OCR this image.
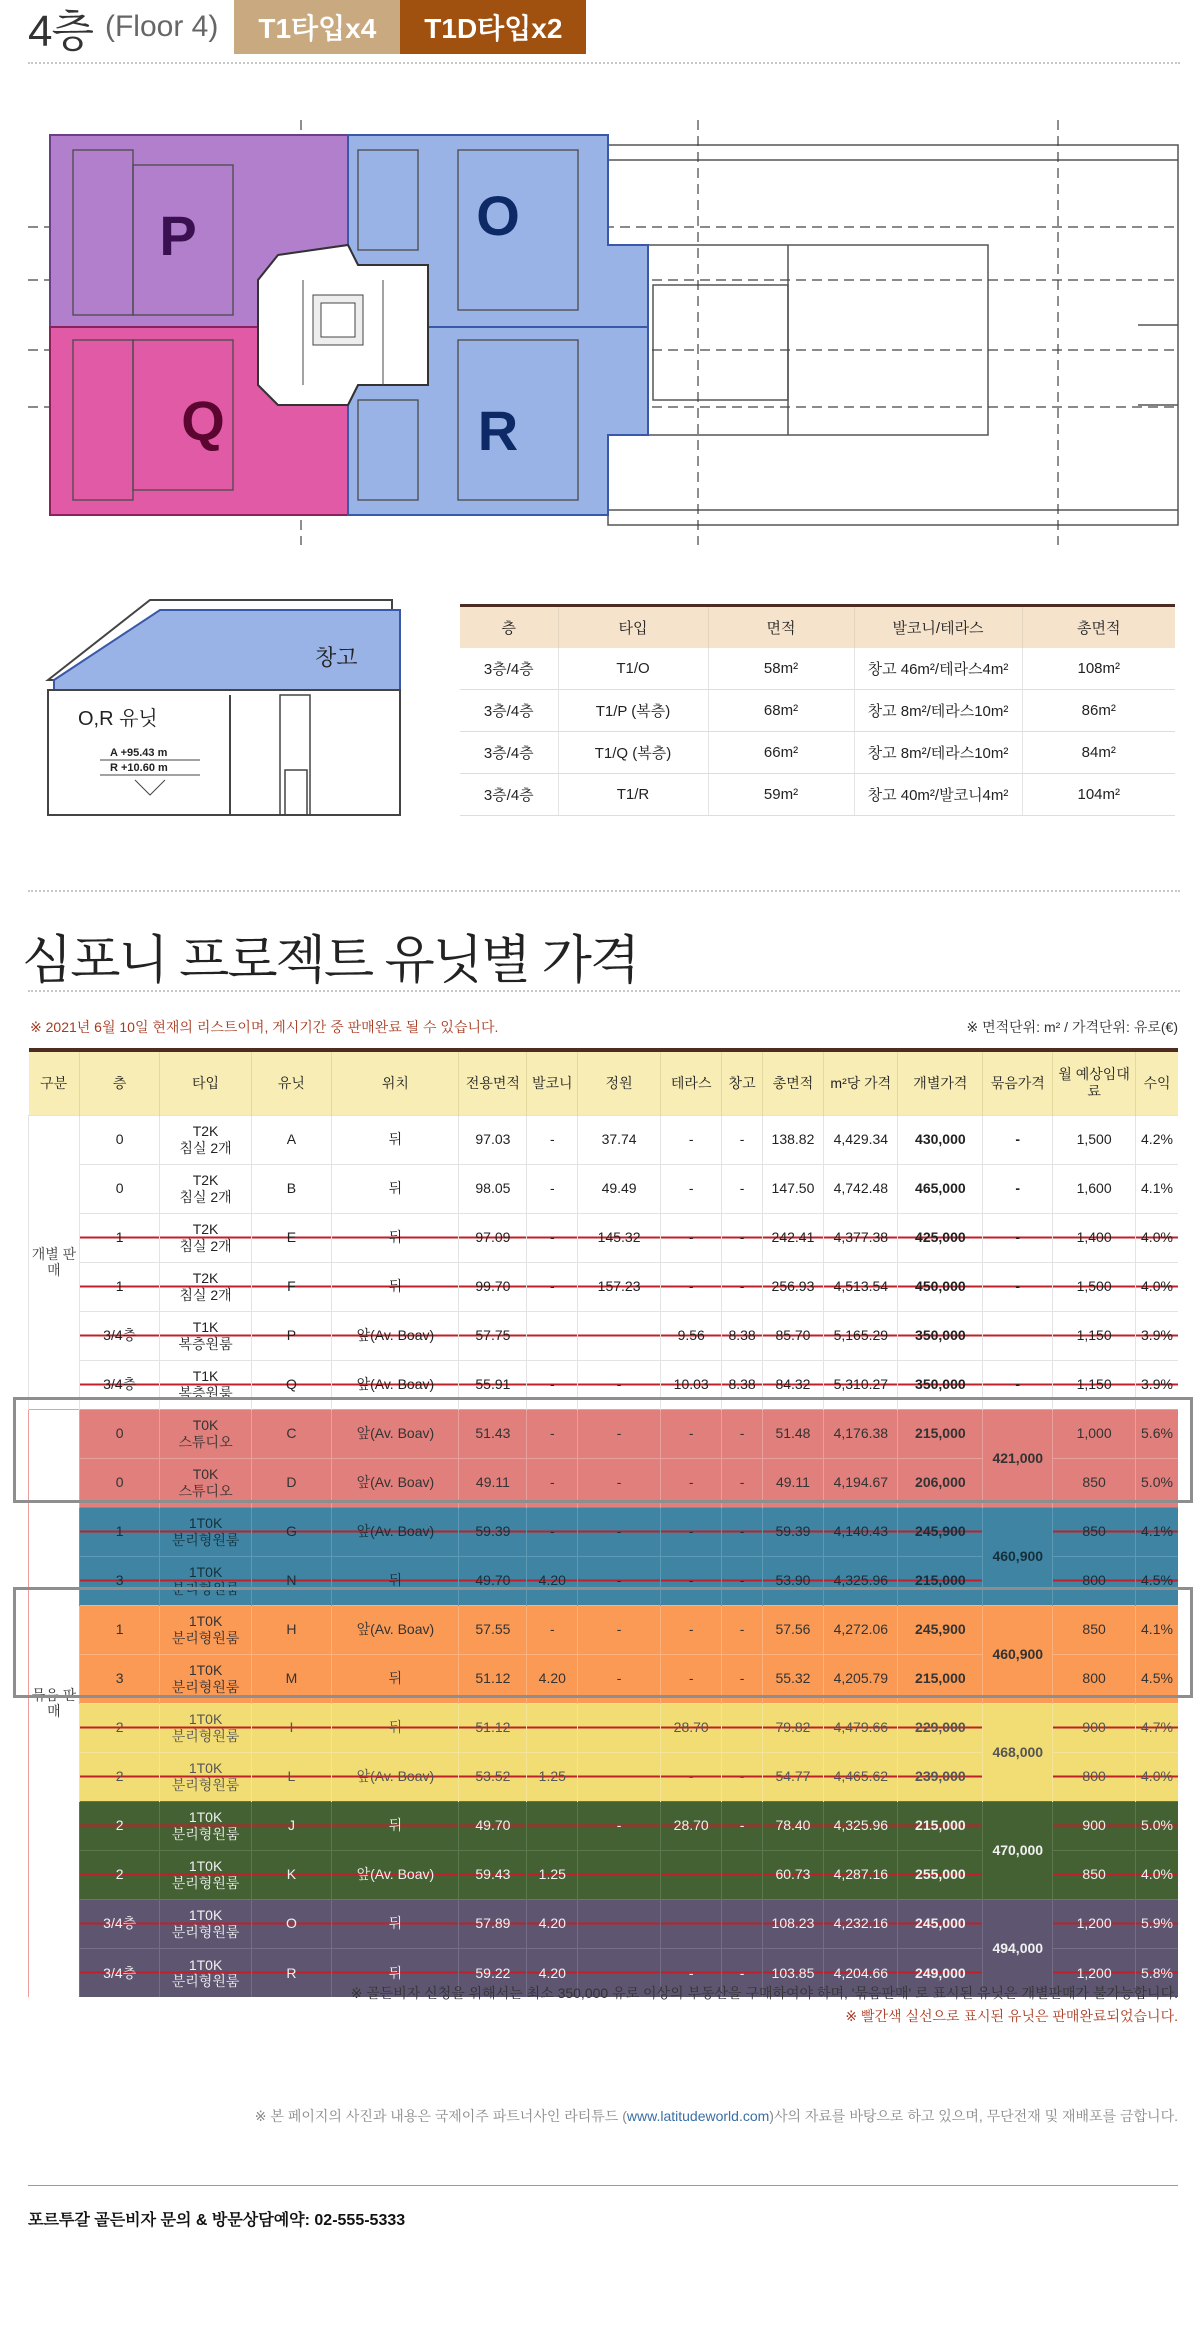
4층 (Floor 4)	T1타입x4	T1D타입x2
P	O
Q	R
창고
O,R 유닛
A +95.43 m
R +10.60 m
층	타입	면적	발코니/테라스	총면적
3층/4층	T1/O	58m²	창고 46m²/테라스4m²	108m²
3층/4층	T1/P (복층)	68m²	창고 8m²/테라스10m²	86m²
3층/4층	T1/Q (복층)	66m²	창고 8m²/테라스10m²	84m²
3층/4층	T1/R	59m²	창고 40m²/발코니4m²	104m²
심포니 프로젝트 유닛별 가격
※ 2021년 6월 10일 현재의 리스트이며, 게시기간 중 판매완료 될 수 있습니다.	※ 면적단위: m² / 가격단위: 유로(€)
구분	층	타입	유닛	위치	전용면적	발코니	정원	테라스	창고	총면적	m²당 가격	개별가격	묶음가격	월 예상임대료	수익
개별 판매	0	T2K
침실 2개	A	뒤	97.03	-	37.74	-	-	138.82	4,429.34	430,000	-	1,500	4.2%
	0	T2K
침실 2개	B	뒤	98.05	-	49.49	-	-	147.50	4,742.48	465,000	-	1,600	4.1%
	1	T2K
침실 2개	E	뒤	97.09	-	145.32	-	-	242.41	4,377.38	425,000	-	1,400	4.0%
	1	T2K
침실 2개	F	뒤	99.70	-	157.23	-	-	256.93	4,513.54	450,000	-	1,500	4.0%
	3/4층	T1K
복층원룸	P	앞(Av. Boav)	57.75			9.56	8.38	85.70	5,165.29	350,000		1,150	3.9%
	3/4층	T1K
복층원룸	Q	앞(Av. Boav)	55.91	-	-	10.03	8.38	84.32	5,310.27	350,000	-	1,150	3.9%
묶음 판매	0	T0K
스튜디오	C	앞(Av. Boav)	51.43	-	-	-	-	51.48	4,176.38	215,000	421,000	1,000	5.6%
	0	T0K
스튜디오	D	앞(Av. Boav)	49.11	-	-	-	-	49.11	4,194.67	206,000		850	5.0%
	1	1T0K
분리형원룸	G	앞(Av. Boav)	59.39	-	-	-	-	59.39	4,140.43	245,900	460,900	850	4.1%
	3	1T0K
분리형원룸	N	뒤	49.70	4.20	-	-	-	53.90	4,325.96	215,000		800	4.5%
	1	1T0K
분리형원룸	H	앞(Av. Boav)	57.55	-	-	-	-	57.56	4,272.06	245,900	460,900	850	4.1%
	3	1T0K
분리형원룸	M	뒤	51.12	4.20	-	-	-	55.32	4,205.79	215,000		800	4.5%
	2	1T0K
분리형원룸	I	뒤	51.12			28.70		79.82	4,479.66	229,000	468,000	900	4.7%
	2	1T0K
분리형원룸	L	앞(Av. Boav)	53.52	1.25		-	-	54.77	4,465.62	239,000		800	4.0%
	2	1T0K
분리형원룸	J	뒤	49.70		-	28.70	-	78.40	4,325.96	215,000	470,000	900	5.0%
	2	1T0K
분리형원룸	K	앞(Av. Boav)	59.43	1.25				60.73	4,287.16	255,000		850	4.0%
	3/4층	1T0K
분리형원룸	O	뒤	57.89	4.20				108.23	4,232.16	245,000	494,000	1,200	5.9%
	3/4층	1T0K
분리형원룸	R	뒤	59.22	4.20		-	-	103.85	4,204.66	249,000		1,200	5.8%
※ 골든비자 신청을 위해서는 최소 350,000 유로 이상의 부동산을 구매하여야 하며, '묶음판매' 로 표시된 유닛은 개별판매가 불가능합니다.
※ 빨간색 실선으로 표시된 유닛은 판매완료되었습니다.
※ 본 페이지의 사진과 내용은 국제이주 파트너사인 라티튜드 (www.latitudeworld.com)사의 자료를 바탕으로 하고 있으며, 무단전재 및 재배포를 금합니다.
포르투갈 골든비자 문의 & 방문상담예약: 02-555-5333
